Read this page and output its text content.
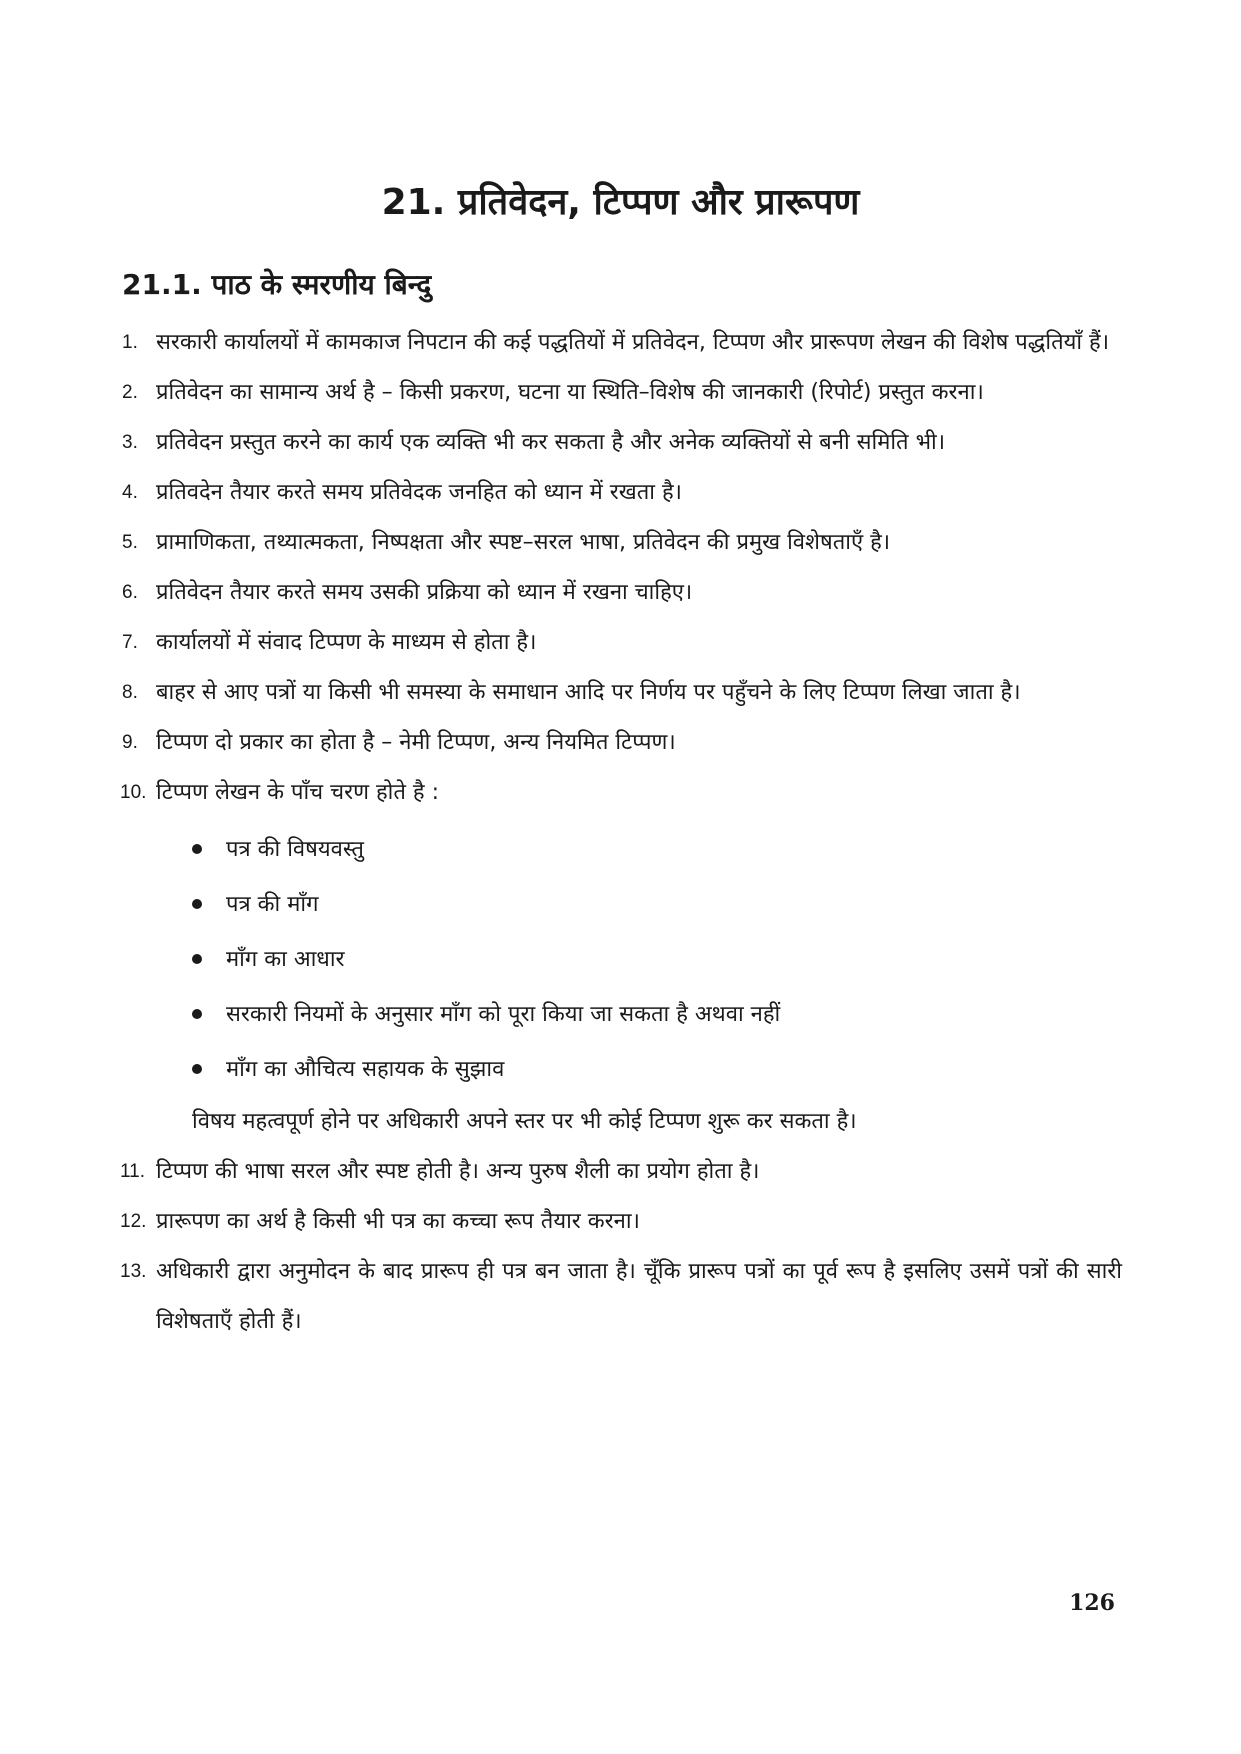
21. प्रतिवेदन, टिप्पण और प्रारूपण
21.1. पाठ के स्मरणीय बिन्दु
1. सरकारी कार्यालयों में कामकाज निपटान की कई पद्धतियों में प्रतिवेदन, टिप्पण और प्रारूपण लेखन की विशेष पद्धतियाँ हैं।
2. प्रतिवेदन का सामान्य अर्थ है – किसी प्रकरण, घटना या स्थिति–विशेष की जानकारी (रिपोर्ट) प्रस्तुत करना।
3. प्रतिवेदन प्रस्तुत करने का कार्य एक व्यक्ति भी कर सकता है और अनेक व्यक्तियों से बनी समिति भी।
4. प्रतिवदेन तैयार करते समय प्रतिवेदक जनहित को ध्यान में रखता है।
5. प्रामाणिकता, तथ्यात्मकता, निष्पक्षता और स्पष्ट–सरल भाषा, प्रतिवेदन की प्रमुख विशेषताएँ है।
6. प्रतिवेदन तैयार करते समय उसकी प्रक्रिया को ध्यान में रखना चाहिए।
7. कार्यालयों में संवाद टिप्पण के माध्यम से होता है।
8. बाहर से आए पत्रों या किसी भी समस्या के समाधान आदि पर निर्णय पर पहुँचने के लिए टिप्पण लिखा जाता है।
9. टिप्पण दो प्रकार का होता है – नेमी टिप्पण, अन्य नियमित टिप्पण।
10. टिप्पण लेखन के पाँच चरण होते है :
पत्र की विषयवस्तु
पत्र की माँग
माँग का आधार
सरकारी नियमों के अनुसार माँग को पूरा किया जा सकता है अथवा नहीं
माँग का औचित्य सहायक के सुझाव

विषय महत्वपूर्ण होने पर अधिकारी अपने स्तर पर भी कोई टिप्पण शुरू कर सकता है।

11. टिप्पण की भाषा सरल और स्पष्ट होती है। अन्य पुरुष शैली का प्रयोग होता है।
12. प्रारूपण का अर्थ है किसी भी पत्र का कच्चा रूप तैयार करना।
13. अधिकारी द्वारा अनुमोदन के बाद प्रारूप ही पत्र बन जाता है। चूँकि प्रारूप पत्रों का पूर्व रूप है इसलिए उसमें पत्रों की सारी विशेषताएँ होती हैं।
126
